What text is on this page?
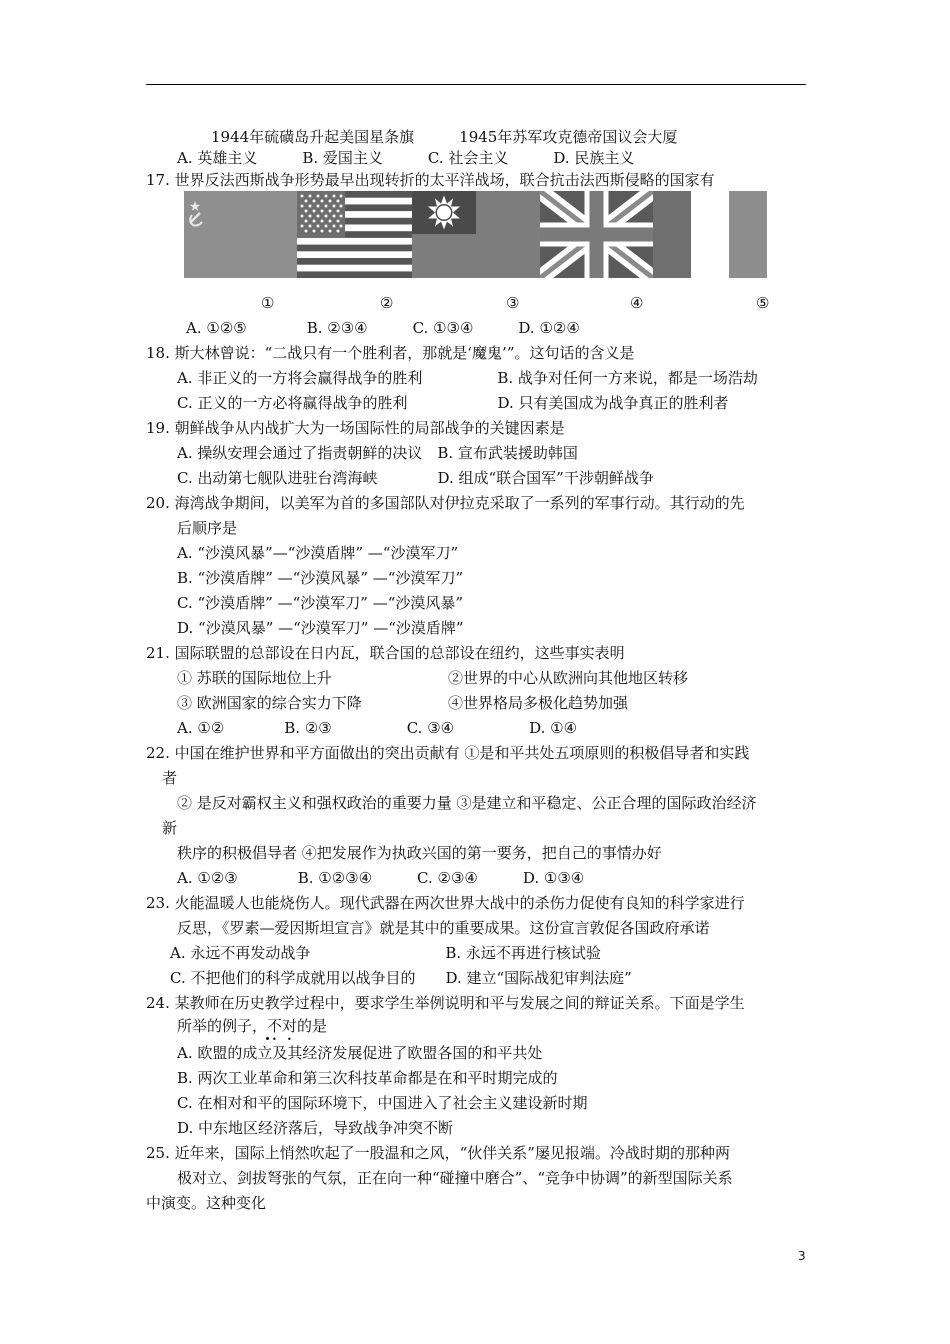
1944年硫磺岛升起美国星条旗　　　1945年苏军攻克德帝国议会大厦
A. 英雄主义　　　B. 爱国主义　　　C. 社会主义　　　D. 民族主义
17. 世界反法西斯战争形势最早出现转折的太平洋战场，联合抗击法西斯侵略的国家有
①	②	③	④	⑤
A. ①②⑤　　　　B. ②③④　　　C. ①③④　　　D. ①②④
18. 斯大林曾说：“二战只有一个胜利者，那就是‘魔鬼’”。这句话的含义是
A. 非正义的一方将会赢得战争的胜利　　　　　B. 战争对任何一方来说，都是一场浩劫
C. 正义的一方必将赢得战争的胜利　　　　　　D. 只有美国成为战争真正的胜利者
19. 朝鲜战争从内战扩大为一场国际性的局部战争的关键因素是
A. 操纵安理会通过了指责朝鲜的决议　B. 宣布武装援助韩国
C. 出动第七舰队进驻台湾海峡　　　　D. 组成“联合国军”干涉朝鲜战争
20. 海湾战争期间，以美军为首的多国部队对伊拉克采取了一系列的军事行动。其行动的先
后顺序是
A. “沙漠风暴”—“沙漠盾牌” —“沙漠军刀”
B. “沙漠盾牌” —“沙漠风暴” —“沙漠军刀”
C. “沙漠盾牌” —“沙漠军刀” —“沙漠风暴”
D. “沙漠风暴” —“沙漠军刀” —“沙漠盾牌”
21. 国际联盟的总部设在日内瓦，联合国的总部设在纽约，这些事实表明
① 苏联的国际地位上升	②世界的中心从欧洲向其他地区转移
③ 欧洲国家的综合实力下降	④世界格局多极化趋势加强
A. ①②　　　　B. ②③　　　　　C. ③④　　　　　D. ①④
22. 中国在维护世界和平方面做出的突出贡献有 ①是和平共处五项原则的积极倡导者和实践
者
② 是反对霸权主义和强权政治的重要力量 ③是建立和平稳定、公正合理的国际政治经济
新
秩序的积极倡导者 ④把发展作为执政兴国的第一要务，把自己的事情办好
A. ①②③　　　　B. ①②③④　　　C. ②③④　　　D. ①③④
23. 火能温暖人也能烧伤人。现代武器在两次世界大战中的杀伤力促使有良知的科学家进行
反思，《罗素—爱因斯坦宣言》就是其中的重要成果。这份宣言敦促各国政府承诺
A. 永远不再发动战争　　　　　　　　　B. 永远不再进行核试验
C. 不把他们的科学成就用以战争目的　　D. 建立“国际战犯审判法庭”
24. 某教师在历史教学过程中，要求学生举例说明和平与发展之间的辩证关系。下面是学生
所举的例子，不对的是
A. 欧盟的成立及其经济发展促进了欧盟各国的和平共处
B. 两次工业革命和第三次科技革命都是在和平时期完成的
C. 在相对和平的国际环境下，中国进入了社会主义建设新时期
D. 中东地区经济落后，导致战争冲突不断
25. 近年来，国际上悄然吹起了一股温和之风，“伙伴关系”屡见报端。冷战时期的那种两
极对立、剑拔弩张的气氛，正在向一种“碰撞中磨合”、“竞争中协调”的新型国际关系
中演变。这种变化
3
